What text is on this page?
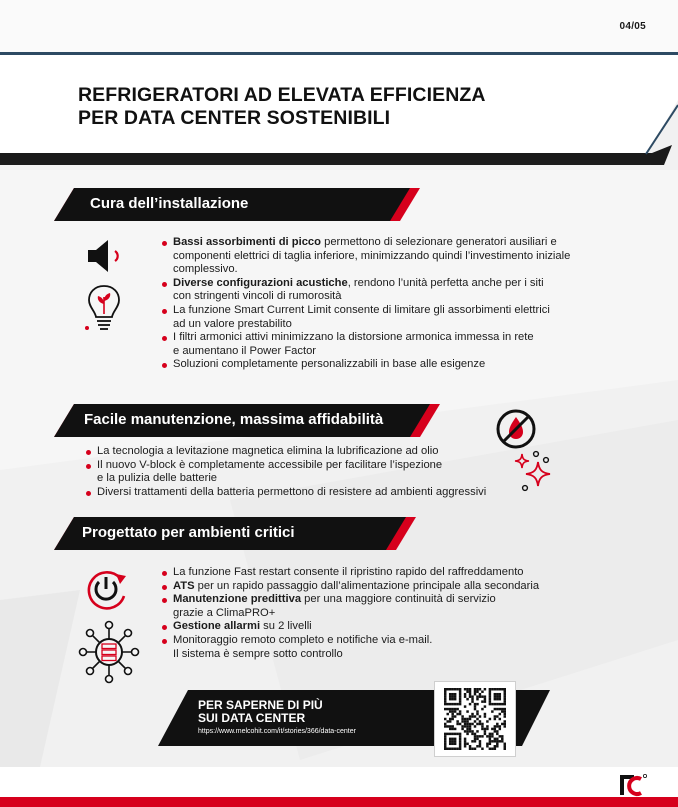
04/05
REFRIGERATORI AD ELEVATA EFFICIENZA
PER DATA CENTER SOSTENIBILI
Cura dell’installazione
Bassi assorbimenti di picco permettono di selezionare generatori ausiliari e
componenti elettrici di taglia inferiore, minimizzando quindi l’investimento iniziale
complessivo.
Diverse configurazioni acustiche, rendono l’unità perfetta anche per i siti
con stringenti vincoli di rumorosità
La funzione Smart Current Limit consente di limitare gli assorbimenti elettrici
ad un valore prestabilito
I filtri armonici attivi minimizzano la distorsione armonica immessa in rete
e aumentano il Power Factor
Soluzioni completamente personalizzabili in base alle esigenze
Facile manutenzione, massima affidabilità
La tecnologia a levitazione magnetica elimina la lubrificazione ad olio
Il nuovo V-block è completamente accessibile per facilitare l’ispezione
e la pulizia delle batterie
Diversi trattamenti della batteria permettono di resistere ad ambienti aggressivi
Progettato per ambienti critici
La funzione Fast restart consente il ripristino rapido del raffreddamento
ATS per un rapido passaggio dall’alimentazione principale alla secondaria
Manutenzione predittiva per una maggiore continuità di servizio
grazie a ClimaPRO+
Gestione allarmi su 2 livelli
Monitoraggio remoto completo e notifiche via e-mail.
Il sistema è sempre sotto controllo
PER SAPERNE DI PIÙ
SUI DATA CENTER
https://www.melcohit.com/it/stories/366/data-center
